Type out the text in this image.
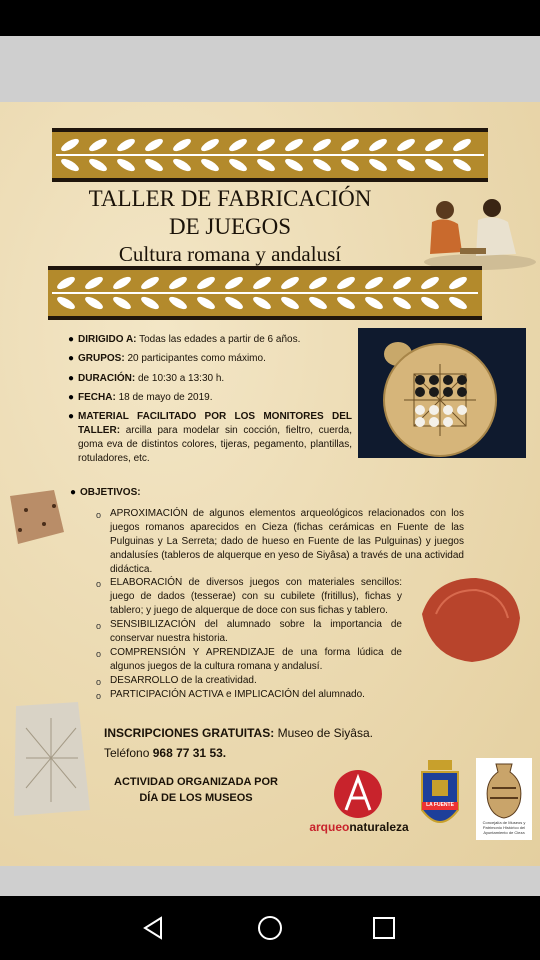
TALLER DE FABRICACIÓN
DE JUEGOS
Cultura romana y andalusí
● DIRIGIDO A: Todas las edades a partir de 6 años.
● GRUPOS: 20 participantes como máximo.
● DURACIÓN: de 10:30 a 13:30 h.
● FECHA: 18 de mayo de 2019.
● MATERIAL FACILITADO POR LOS MONITORES DEL TALLER: arcilla para modelar sin cocción, fieltro, cuerda, goma eva de distintos colores, tijeras, pegamento, plantillas, rotuladores, etc.
● OBJETIVOS:
o APROXIMACIÓN de algunos elementos arqueológicos relacionados con los juegos romanos aparecidos en Cieza (fichas cerámicas en Fuente de las Pulguinas y La Serreta; dado de hueso en Fuente de las Pulguinas) y juegos andalusíes (tableros de alquerque en yeso de Siyâsa) a través de una actividad didáctica.
o ELABORACIÓN de diversos juegos con materiales sencillos: juego de dados (tesserae) con su cubilete (fritillus), fichas y tablero; y juego de alquerque de doce con sus fichas y tablero.
o SENSIBILIZACIÓN del alumnado sobre la importancia de conservar nuestra historia.
o COMPRENSIÓN Y APRENDIZAJE de una forma lúdica de algunos juegos de la cultura romana y andalusí.
o DESARROLLO de la creatividad.
o PARTICIPACIÓN ACTIVA e IMPLICACIÓN del alumnado.
INSCRIPCIONES GRATUITAS: Museo de Siyâsa.
Teléfono 968 77 31 53.
ACTIVIDAD ORGANIZADA POR
DÍA DE LOS MUSEOS
arqueonaturaleza
LA FUENTE
Concejalía de Museos y Patrimonio Histórico del Ayuntamiento de Cieza
